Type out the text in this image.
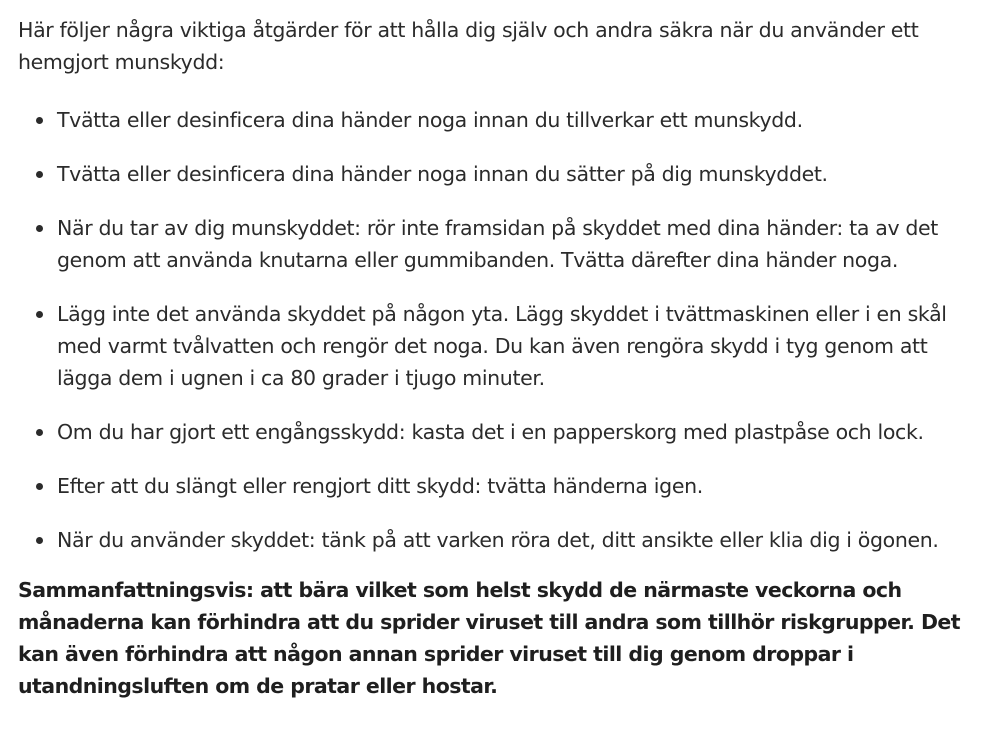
Här följer några viktiga åtgärder för att hålla dig själv och andra säkra när du använder ett hemgjort munskydd:

Tvätta eller desinficera dina händer noga innan du tillverkar ett munskydd.
Tvätta eller desinficera dina händer noga innan du sätter på dig munskyddet.
När du tar av dig munskyddet: rör inte framsidan på skyddet med dina händer: ta av det genom att använda knutarna eller gummibanden. Tvätta därefter dina händer noga.
Lägg inte det använda skyddet på någon yta. Lägg skyddet i tvättmaskinen eller i en skål med varmt tvålvatten och rengör det noga. Du kan även rengöra skydd i tyg genom att lägga dem i ugnen i ca 80 grader i tjugo minuter.
Om du har gjort ett engångsskydd: kasta det i en papperskorg med plastpåse och lock.
Efter att du slängt eller rengjort ditt skydd: tvätta händerna igen.
När du använder skyddet: tänk på att varken röra det, ditt ansikte eller klia dig i ögonen.

Sammanfattningsvis: att bära vilket som helst skydd de närmaste veckorna och månaderna kan förhindra att du sprider viruset till andra som tillhör riskgrupper. Det kan även förhindra att någon annan sprider viruset till dig genom droppar i utandningsluften om de pratar eller hostar.
